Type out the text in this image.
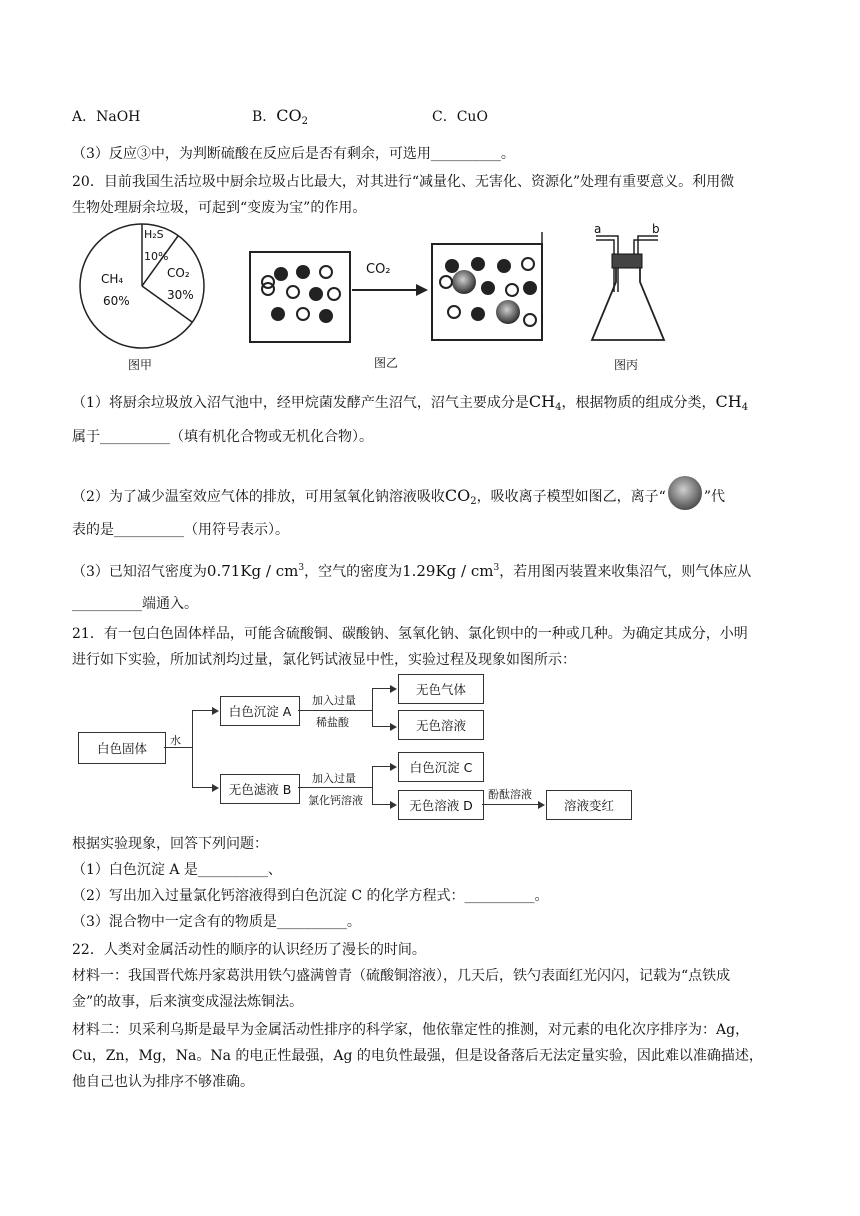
A．NaOH	B．$CO_2$	C．CuO
（3）反应③中，为判断硫酸在反应后是否有剩余，可选用__________。
20．目前我国生活垃圾中厨余垃圾占比最大，对其进行“减量化、无害化、资源化”处理有重要意义。利用微
生物处理厨余垃圾，可起到“变废为宝”的作用。
CH₄
60%
CO₂
30%
H₂S
10%
图甲
CO₂
图乙
a	b
图丙
（1）将厨余垃圾放入沼气池中，经甲烷菌发酵产生沼气，沼气主要成分是$CH_4$，根据物质的组成分类，$CH_4$
属于__________（填有机化合物或无机化合物）。
（2）为了减少温室效应气体的排放，可用氢氧化钠溶液吸收$CO_2$，吸收离子模型如图乙，离子“	”代
表的是__________（用符号表示）。
（3）已知沼气密度为$0.71Kg / cm^3$，空气的密度为$1.29Kg / cm^3$，若用图丙装置来收集沼气，则气体应从
__________端通入。
21．有一包白色固体样品，可能含硫酸铜、碳酸钠、氢氧化钠、氯化钡中的一种或几种。为确定其成分，小明
进行如下实验，所加试剂均过量，氯化钙试液显中性，实验过程及现象如图所示：
白色固体
水
白色沉淀 A
无色滤液 B
加入过量
稀盐酸
无色气体
无色溶液
加入过量
氯化钙溶液
白色沉淀 C
无色溶液 D
酚酞溶液
溶液变红
根据实验现象，回答下列问题：
（1）白色沉淀 A 是__________、
（2）写出加入过量氯化钙溶液得到白色沉淀 C 的化学方程式：__________。
（3）混合物中一定含有的物质是__________。
22．人类对金属活动性的顺序的认识经历了漫长的时间。
材料一：我国晋代炼丹家葛洪用铁勺盛满曾青（硫酸铜溶液），几天后，铁勺表面红光闪闪，记载为“点铁成
金”的故事，后来演变成湿法炼铜法。
材料二：贝采利乌斯是最早为金属活动性排序的科学家，他依靠定性的推测，对元素的电化次序排序为：Ag，
Cu，Zn，Mg，Na。Na 的电正性最强，Ag 的电负性最强，但是设备落后无法定量实验，因此难以准确描述，
他自己也认为排序不够准确。
